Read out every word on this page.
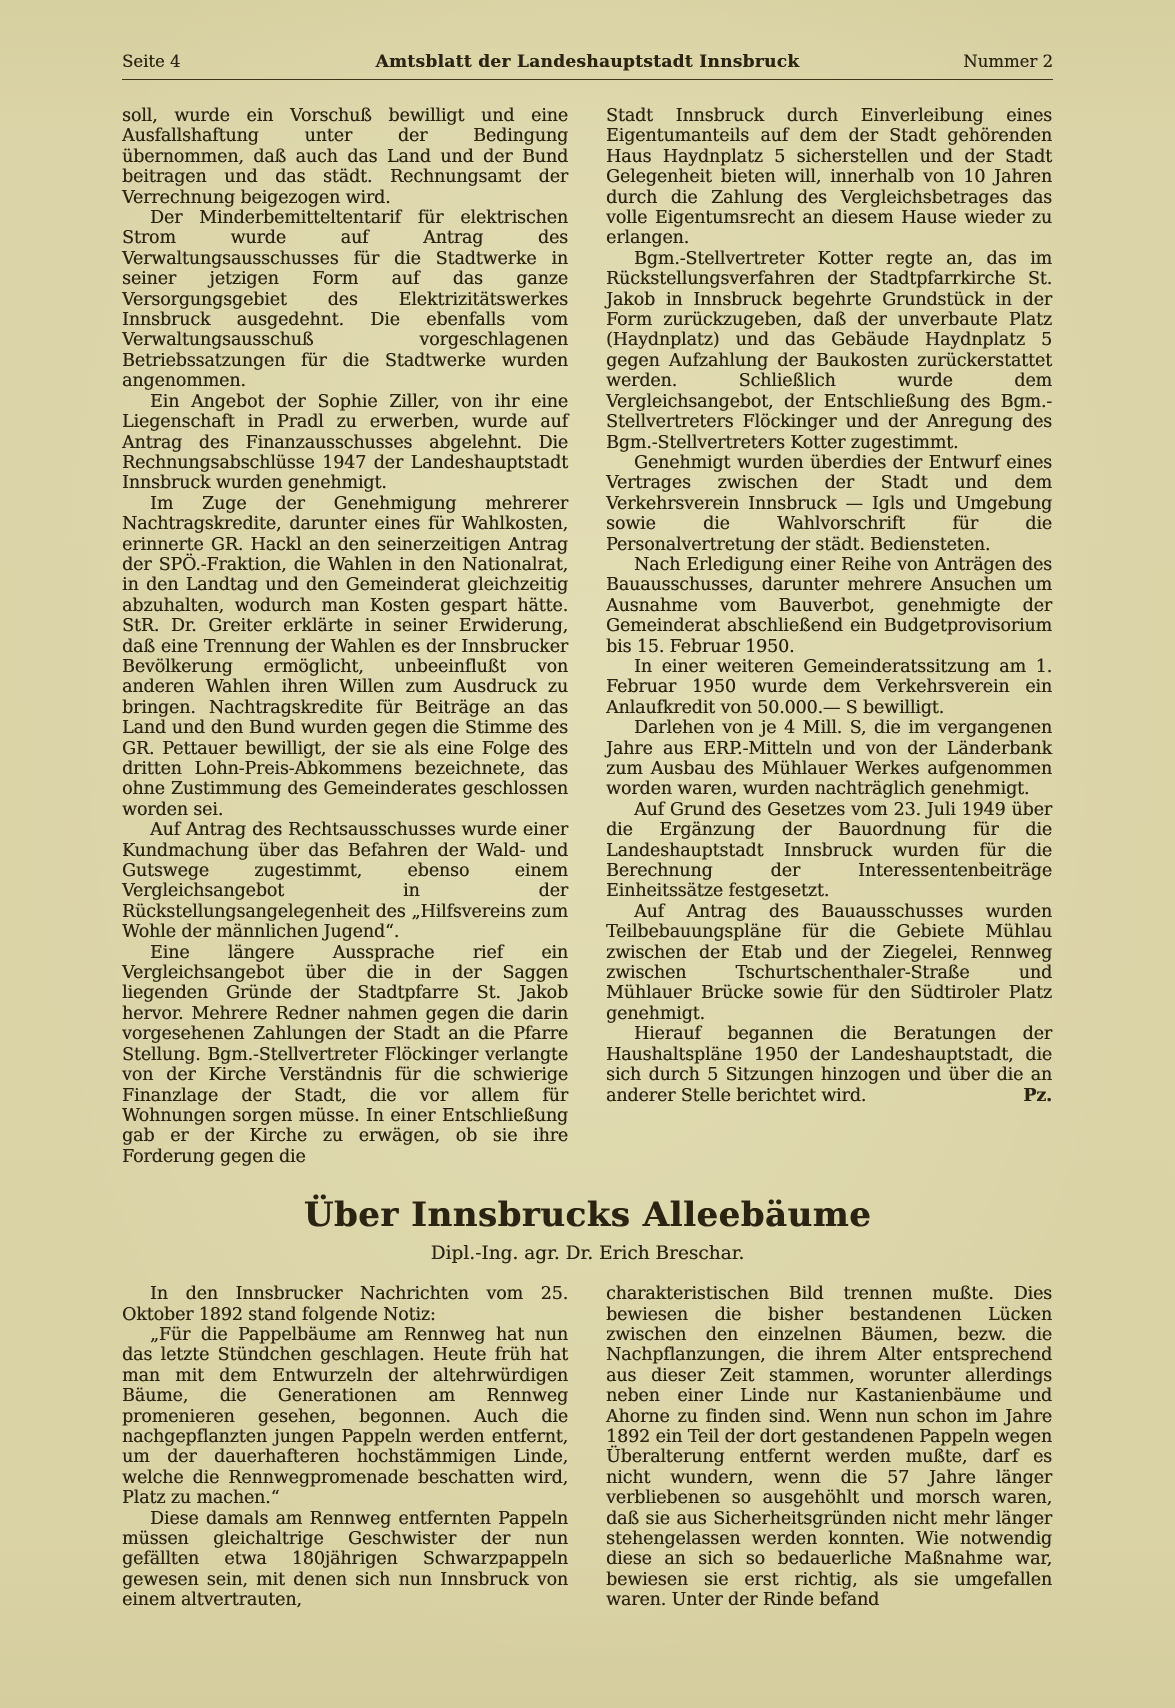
Seite 4	Amtsblatt der Landeshauptstadt Innsbruck	Nummer 2

soll, wurde ein Vorschuß bewilligt und eine Ausfallshaftung unter der Bedingung übernommen, daß auch das Land und der Bund beitragen und das städt. Rechnungsamt der Verrechnung beigezogen wird.

Der Minderbemitteltentarif für elektrischen Strom wurde auf Antrag des Verwaltungsausschusses für die Stadtwerke in seiner jetzigen Form auf das ganze Versorgungsgebiet des Elektrizitätswerkes Innsbruck ausgedehnt. Die ebenfalls vom Verwaltungsausschuß vorgeschlagenen Betriebssatzungen für die Stadtwerke wurden angenommen.

Ein Angebot der Sophie Ziller, von ihr eine Liegenschaft in Pradl zu erwerben, wurde auf Antrag des Finanzausschusses abgelehnt. Die Rechnungsabschlüsse 1947 der Landeshauptstadt Innsbruck wurden genehmigt.

Im Zuge der Genehmigung mehrerer Nachtragskredite, darunter eines für Wahlkosten, erinnerte GR. Hackl an den seinerzeitigen Antrag der SPÖ.-Fraktion, die Wahlen in den Nationalrat, in den Landtag und den Gemeinderat gleichzeitig abzuhalten, wodurch man Kosten gespart hätte. StR. Dr. Greiter erklärte in seiner Erwiderung, daß eine Trennung der Wahlen es der Innsbrucker Bevölkerung ermöglicht, unbeeinflußt von anderen Wahlen ihren Willen zum Ausdruck zu bringen. Nachtragskredite für Beiträge an das Land und den Bund wurden gegen die Stimme des GR. Pettauer bewilligt, der sie als eine Folge des dritten Lohn-Preis-Abkommens bezeichnete, das ohne Zustimmung des Gemeinderates geschlossen worden sei.

Auf Antrag des Rechtsausschusses wurde einer Kundmachung über das Befahren der Wald- und Gutswege zugestimmt, ebenso einem Vergleichsangebot in der Rückstellungsangelegenheit des „Hilfsvereins zum Wohle der männlichen Jugend“.

Eine längere Aussprache rief ein Vergleichsangebot über die in der Saggen liegenden Gründe der Stadtpfarre St. Jakob hervor. Mehrere Redner nahmen gegen die darin vorgesehenen Zahlungen der Stadt an die Pfarre Stellung. Bgm.-Stellvertreter Flöckinger verlangte von der Kirche Verständnis für die schwierige Finanzlage der Stadt, die vor allem für Wohnungen sorgen müsse. In einer Entschließung gab er der Kirche zu erwägen, ob sie ihre Forderung gegen die

Stadt Innsbruck durch Einverleibung eines Eigentumanteils auf dem der Stadt gehörenden Haus Haydnplatz 5 sicherstellen und der Stadt Gelegenheit bieten will, innerhalb von 10 Jahren durch die Zahlung des Vergleichsbetrages das volle Eigentumsrecht an diesem Hause wieder zu erlangen.

Bgm.-Stellvertreter Kotter regte an, das im Rückstellungsverfahren der Stadtpfarrkirche St. Jakob in Innsbruck begehrte Grundstück in der Form zurückzugeben, daß der unverbaute Platz (Haydnplatz) und das Gebäude Haydnplatz 5 gegen Aufzahlung der Baukosten zurückerstattet werden. Schließlich wurde dem Vergleichsangebot, der Entschließung des Bgm.-Stellvertreters Flöckinger und der Anregung des Bgm.-Stellvertreters Kotter zugestimmt.

Genehmigt wurden überdies der Entwurf eines Vertrages zwischen der Stadt und dem Verkehrsverein Innsbruck — Igls und Umgebung sowie die Wahlvorschrift für die Personalvertretung der städt. Bediensteten.

Nach Erledigung einer Reihe von Anträgen des Bauausschusses, darunter mehrere Ansuchen um Ausnahme vom Bauverbot, genehmigte der Gemeinderat abschließend ein Budgetprovisorium bis 15. Februar 1950.

In einer weiteren Gemeinderatssitzung am 1. Februar 1950 wurde dem Verkehrsverein ein Anlaufkredit von 50.000.— S bewilligt.

Darlehen von je 4 Mill. S, die im vergangenen Jahre aus ERP.-Mitteln und von der Länderbank zum Ausbau des Mühlauer Werkes aufgenommen worden waren, wurden nachträglich genehmigt.

Auf Grund des Gesetzes vom 23. Juli 1949 über die Ergänzung der Bauordnung für die Landeshauptstadt Innsbruck wurden für die Berechnung der Interessentenbeiträge Einheitssätze festgesetzt.

Auf Antrag des Bauausschusses wurden Teilbebauungspläne für die Gebiete Mühlau zwischen der Etab und der Ziegelei, Rennweg zwischen Tschurtschenthaler-Straße und Mühlauer Brücke sowie für den Südtiroler Platz genehmigt.

Hierauf begannen die Beratungen der Haushaltspläne 1950 der Landeshauptstadt, die sich durch 5 Sitzungen hinzogen und über die an anderer Stelle berichtet wird.	Pz.

Über Innsbrucks Alleebäume
Dipl.-Ing. agr. Dr. Erich Breschar.

In den Innsbrucker Nachrichten vom 25. Oktober 1892 stand folgende Notiz:

„Für die Pappelbäume am Rennweg hat nun das letzte Stündchen geschlagen. Heute früh hat man mit dem Entwurzeln der altehrwürdigen Bäume, die Generationen am Rennweg promenieren gesehen, begonnen. Auch die nachgepflanzten jungen Pappeln werden entfernt, um der dauerhafteren hochstämmigen Linde, welche die Rennwegpromenade beschatten wird, Platz zu machen.“

Diese damals am Rennweg entfernten Pappeln müssen gleichaltrige Geschwister der nun gefällten etwa 180jährigen Schwarzpappeln gewesen sein, mit denen sich nun Innsbruck von einem altvertrauten,

charakteristischen Bild trennen mußte. Dies bewiesen die bisher bestandenen Lücken zwischen den einzelnen Bäumen, bezw. die Nachpflanzungen, die ihrem Alter entsprechend aus dieser Zeit stammen, worunter allerdings neben einer Linde nur Kastanienbäume und Ahorne zu finden sind. Wenn nun schon im Jahre 1892 ein Teil der dort gestandenen Pappeln wegen Überalterung entfernt werden mußte, darf es nicht wundern, wenn die 57 Jahre länger verbliebenen so ausgehöhlt und morsch waren, daß sie aus Sicherheitsgründen nicht mehr länger stehengelassen werden konnten. Wie notwendig diese an sich so bedauerliche Maßnahme war, bewiesen sie erst richtig, als sie umgefallen waren. Unter der Rinde befand
